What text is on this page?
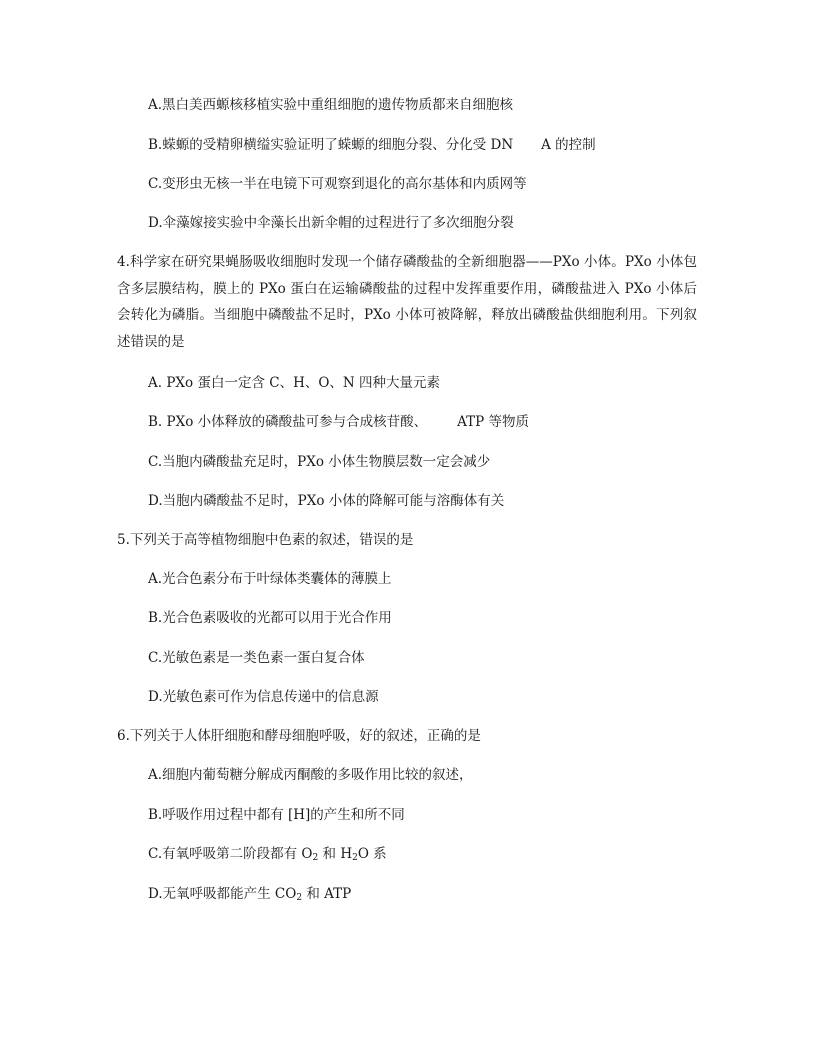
A.黑白美西螈核移植实验中重组细胞的遗传物质都来自细胞核
B.蝾螈的受精卵横缢实验证明了蝾螈的细胞分裂、分化受 DN A 的控制
C.变形虫无核一半在电镜下可观察到退化的高尔基体和内质网等
D.伞藻嫁接实验中伞藻长出新伞帽的过程进行了多次细胞分裂
4.科学家在研究果蝇肠吸收细胞时发现一个储存磷酸盐的全新细胞器——PXo 小体。PXo 小体包含多层膜结构，膜上的 PXo 蛋白在运输磷酸盐的过程中发挥重要作用，磷酸盐进入 PXo 小体后会转化为磷脂。当细胞中磷酸盐不足时，PXo 小体可被降解，释放出磷酸盐供细胞利用。下列叙述错误的是
A. PXo 蛋白一定含 C、H、O、N 四种大量元素
B. PXo 小体释放的磷酸盐可参与合成核苷酸、 ATP 等物质
C.当胞内磷酸盐充足时，PXo 小体生物膜层数一定会减少
D.当胞内磷酸盐不足时，PXo 小体的降解可能与溶酶体有关
5.下列关于高等植物细胞中色素的叙述，错误的是
A.光合色素分布于叶绿体类囊体的薄膜上
B.光合色素吸收的光都可以用于光合作用
C.光敏色素是一类色素一蛋白复合体
D.光敏色素可作为信息传递中的信息源
6.下列关于人体肝细胞和酵母细胞呼吸，好的叙述，正确的是
A.细胞内葡萄糖分解成丙酮酸的多吸作用比较的叙述，
B.呼吸作用过程中都有 [H]的产生和所不同
C.有氧呼吸第二阶段都有 $O_2$ 和 $H_2O$ 系
D.无氧呼吸都能产生 $CO_2$ 和 ATP
